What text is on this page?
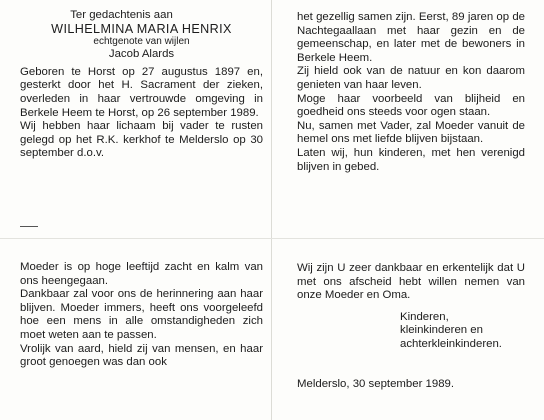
Ter gedachtenis aan

WILHELMINA MARIA HENRIX

echtgenote van wijlen

Jacob Alards

Geboren te Horst op 27 augustus 1897 en, gesterkt door het H. Sacrament der zieken, overleden in haar vertrouwde omgeving in Berkele Heem te Horst, op 26 september 1989.

Wij hebben haar lichaam bij vader te rusten gelegd op het R.K. kerkhof te Melderslo op 30 september d.o.v.

het gezellig samen zijn. Eerst, 89 jaren op de Nachtegaallaan met haar gezin en de gemeenschap, en later met de bewoners in Berkele Heem.

Zij hield ook van de natuur en kon daarom genieten van haar leven.

Moge haar voorbeeld van blijheid en goedheid ons steeds voor ogen staan.

Nu, samen met Vader, zal Moeder vanuit de hemel ons met liefde blijven bijstaan.

Laten wij, hun kinderen, met hen verenigd blijven in gebed.

Moeder is op hoge leeftijd zacht en kalm van ons heengegaan.

Dankbaar zal voor ons de herinnering aan haar blijven. Moeder immers, heeft ons voorgeleefd hoe een mens in alle omstandigheden zich moet weten aan te passen.

Vrolijk van aard, hield zij van mensen, en haar groot genoegen was dan ook

Wij zijn U zeer dankbaar en erkentelijk dat U met ons afscheid hebt willen nemen van onze Moeder en Oma.

Kinderen,

kleinkinderen en

achterkleinkinderen.

Melderslo, 30 september 1989.
